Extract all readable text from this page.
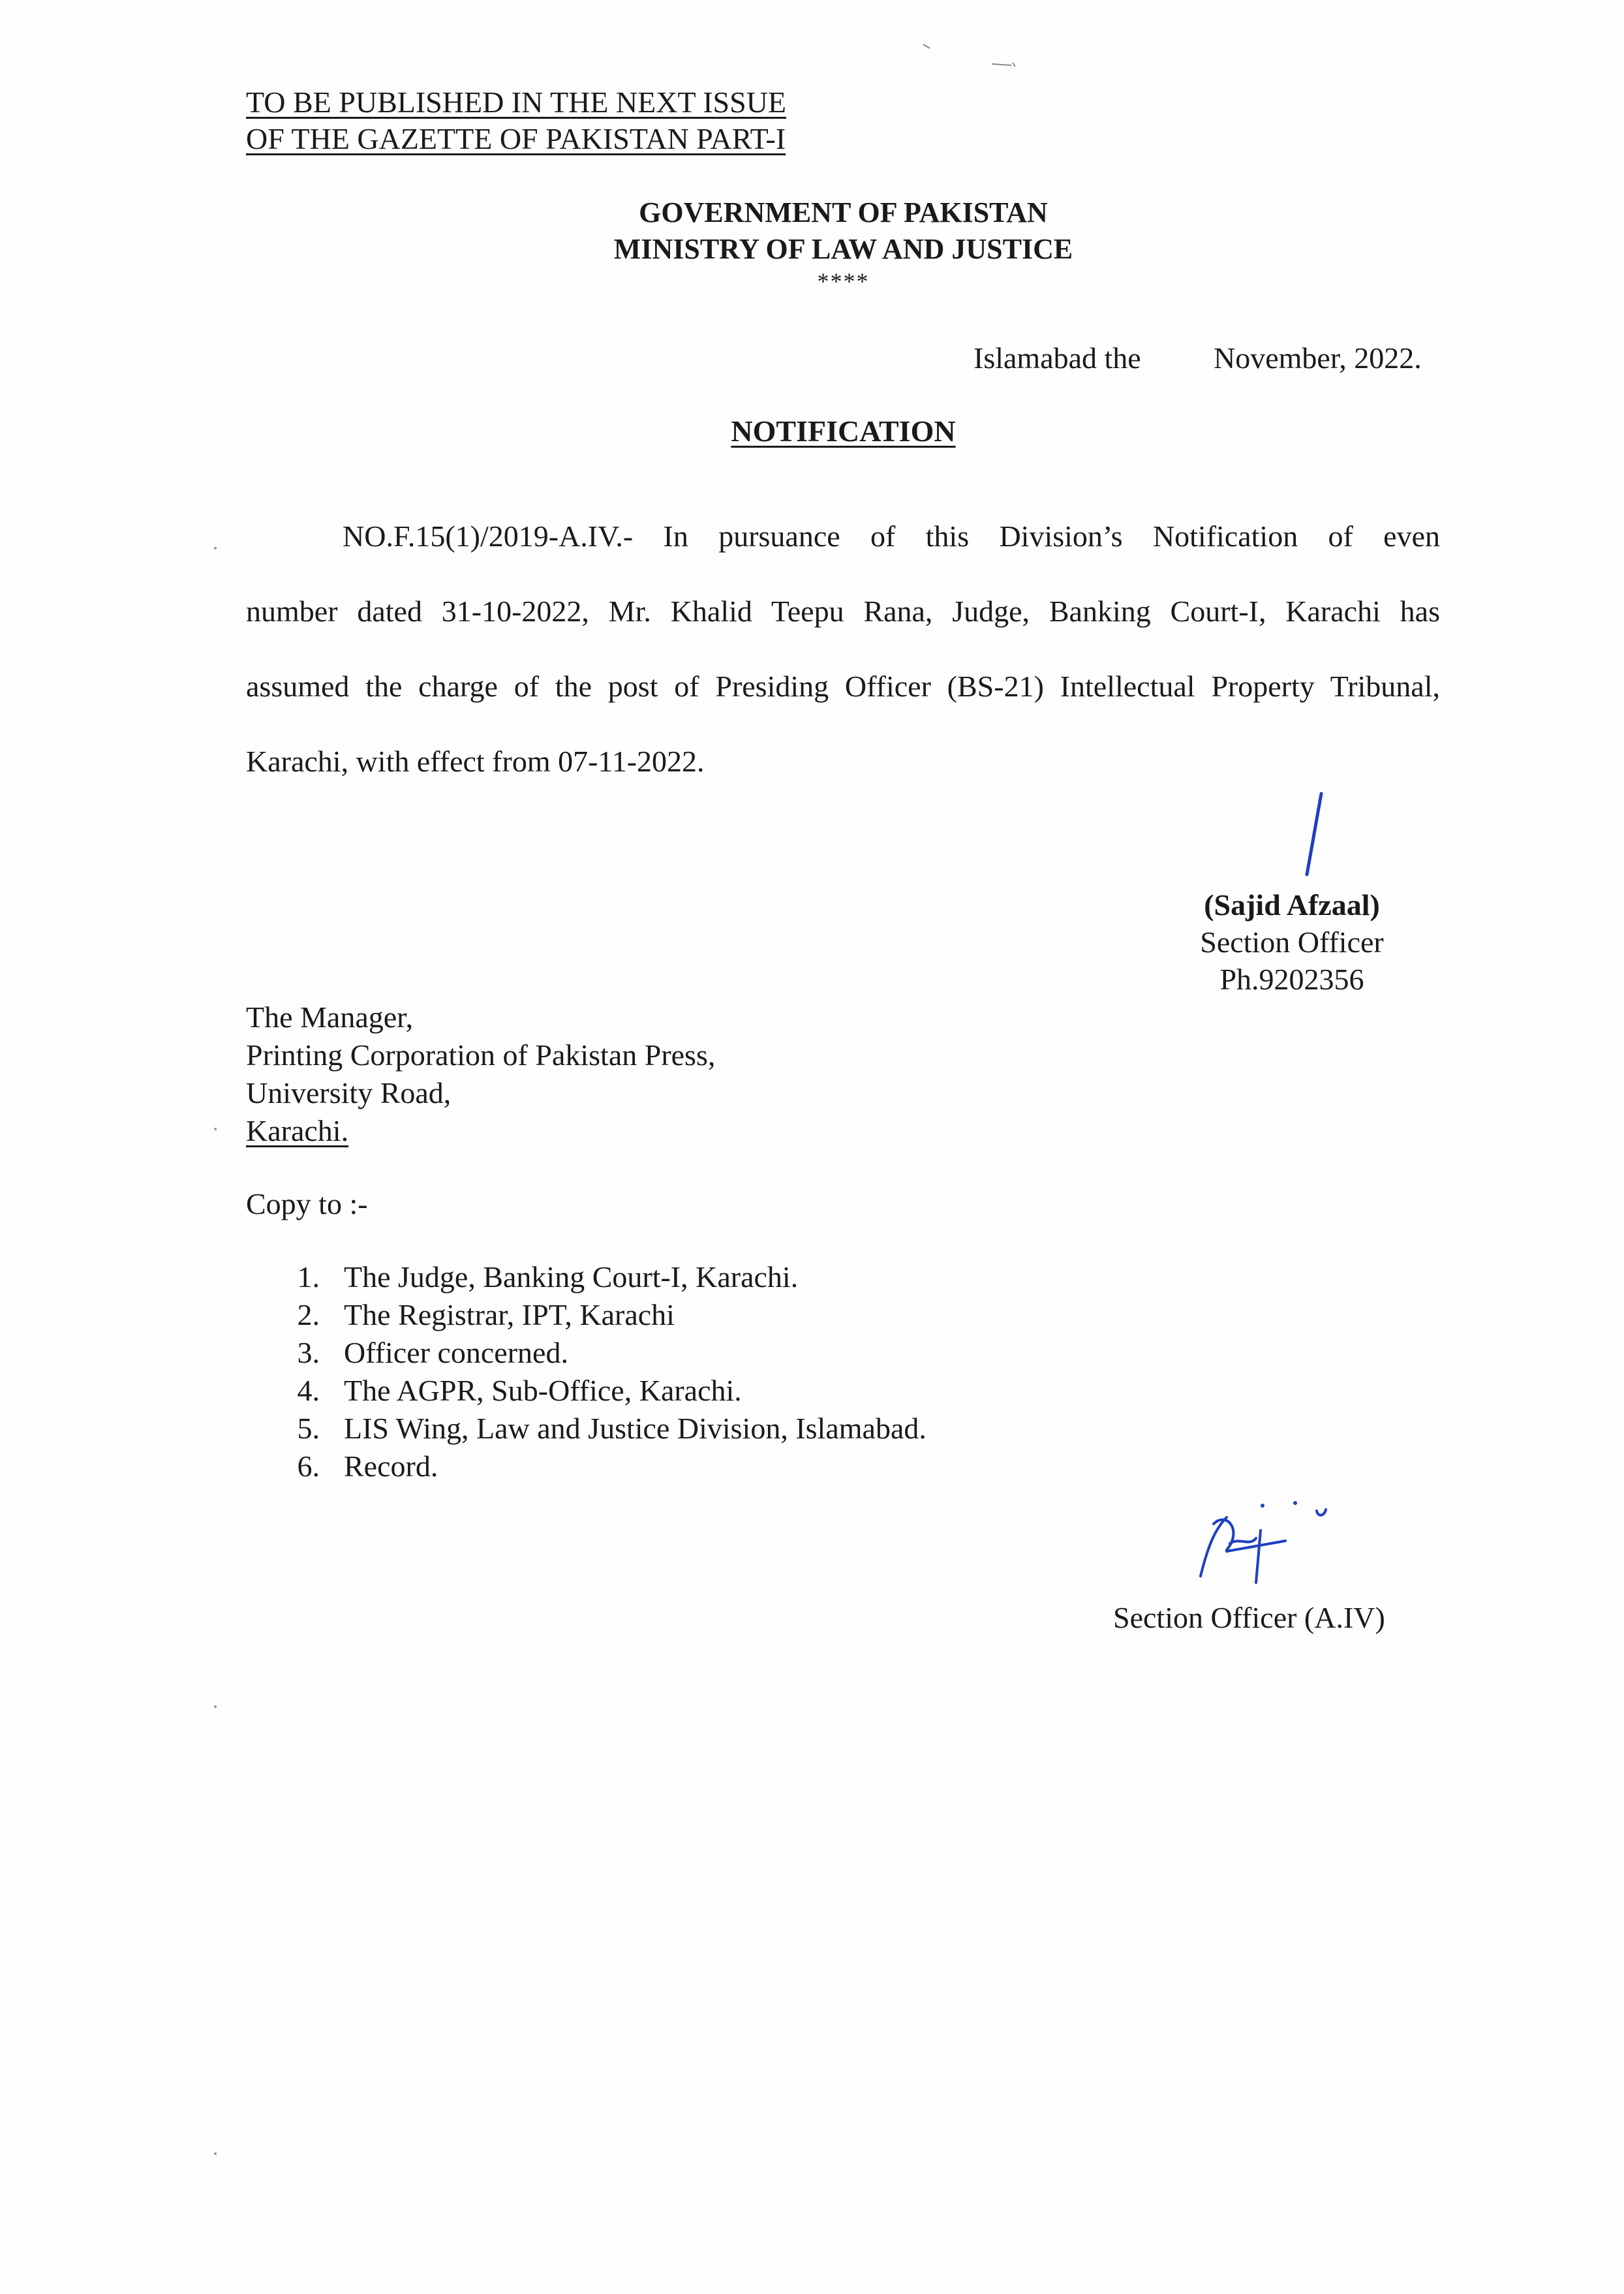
TO BE PUBLISHED IN THE NEXT ISSUE
OF THE GAZETTE OF PAKISTAN PART-I
GOVERNMENT OF PAKISTAN
MINISTRY OF LAW AND JUSTICE
****
Islamabad the November, 2022.
NOTIFICATION
NO.F.15(1)/2019-A.IV.- In pursuance of this Division’s Notification of even
number dated 31-10-2022, Mr. Khalid Teepu Rana, Judge, Banking Court-I, Karachi has
assumed the charge of the post of Presiding Officer (BS-21) Intellectual Property Tribunal,
Karachi, with effect from 07-11-2022.
(Sajid Afzaal)
Section Officer
Ph.9202356
The Manager,
Printing Corporation of Pakistan Press,
University Road,
Karachi.
Copy to :-
1. The Judge, Banking Court-I, Karachi.
2. The Registrar, IPT, Karachi
3. Officer concerned.
4. The AGPR, Sub-Office, Karachi.
5. LIS Wing, Law and Justice Division, Islamabad.
6. Record.
Section Officer (A.IV)
